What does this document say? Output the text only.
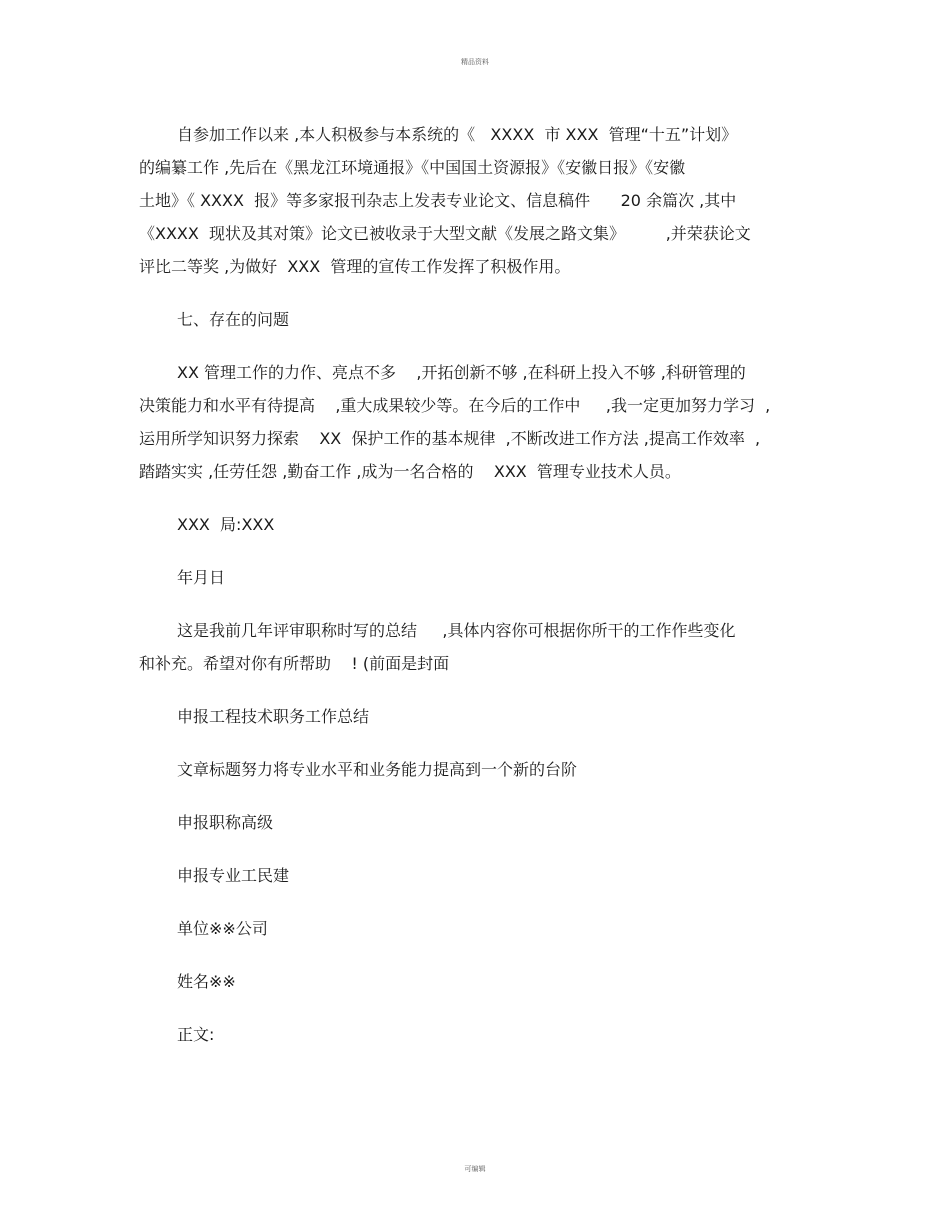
精品资料
自参加工作以来 ,本人积极参与本系统的《   XXXX  市 XXX  管理“十五”计划》
的编纂工作 ,先后在《黑龙江环境通报》《中国国土资源报》《安徽日报》《安徽
土地》《 XXXX  报》等多家报刊杂志上发表专业论文、信息稿件      20 余篇次 ,其中
《XXXX  现状及其对策》论文已被收录于大型文献《发展之路文集》        ,并荣获论文
评比二等奖 ,为做好  XXX  管理的宣传工作发挥了积极作用。
七、存在的问题
XX 管理工作的力作、亮点不多    ,开拓创新不够 ,在科研上投入不够 ,科研管理的
决策能力和水平有待提高    ,重大成果较少等。在今后的工作中     ,我一定更加努力学习  ,
运用所学知识努力探索    XX  保护工作的基本规律  ,不断改进工作方法 ,提高工作效率  ,
踏踏实实 ,任劳任怨 ,勤奋工作 ,成为一名合格的    XXX  管理专业技术人员。
XXX  局:XXX
年月日
这是我前几年评审职称时写的总结     ,具体内容你可根据你所干的工作作些变化
和补充。希望对你有所帮助    ! (前面是封面
申报工程技术职务工作总结
文章标题努力将专业水平和业务能力提高到一个新的台阶
申报职称高级
申报专业工民建
单位※※公司
姓名※※
正文:
可编辑
